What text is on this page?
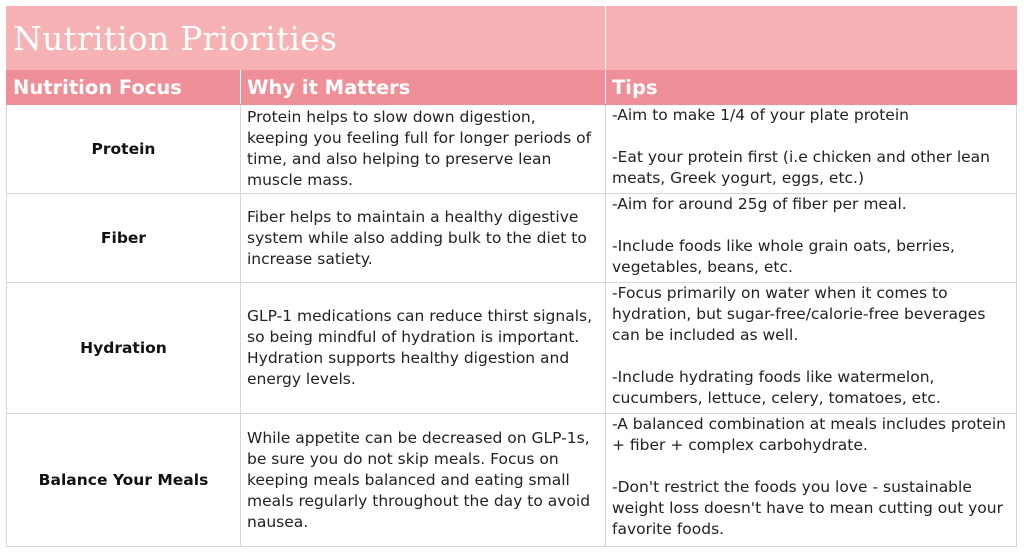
Nutrition Priorities		
Nutrition Focus	Why it Matters	Tips
Protein	Protein helps to slow down digestion, keeping you feeling full for longer periods of time, and also helping to preserve lean muscle mass.	-Aim to make 1/4 of your plate protein

-Eat your protein first (i.e chicken and other lean meats, Greek yogurt, eggs, etc.)

Fiber	Fiber helps to maintain a healthy digestive system while also adding bulk to the diet to increase satiety.	-Aim for around 25g of fiber per meal.

-Include foods like whole grain oats, berries, vegetables, beans, etc.

Hydration	GLP-1 medications can reduce thirst signals, so being mindful of hydration is important. Hydration supports healthy digestion and energy levels.	-Focus primarily on water when it comes to hydration, but sugar-free/calorie-free beverages can be included as well.

-Include hydrating foods like watermelon, cucumbers, lettuce, celery, tomatoes, etc.

Balance Your Meals	While appetite can be decreased on GLP-1s, be sure you do not skip meals. Focus on keeping meals balanced and eating small meals regularly throughout the day to avoid nausea.	-A balanced combination at meals includes protein + fiber + complex carbohydrate.

-Don't restrict the foods you love - sustainable weight loss doesn't have to mean cutting out your favorite foods.
